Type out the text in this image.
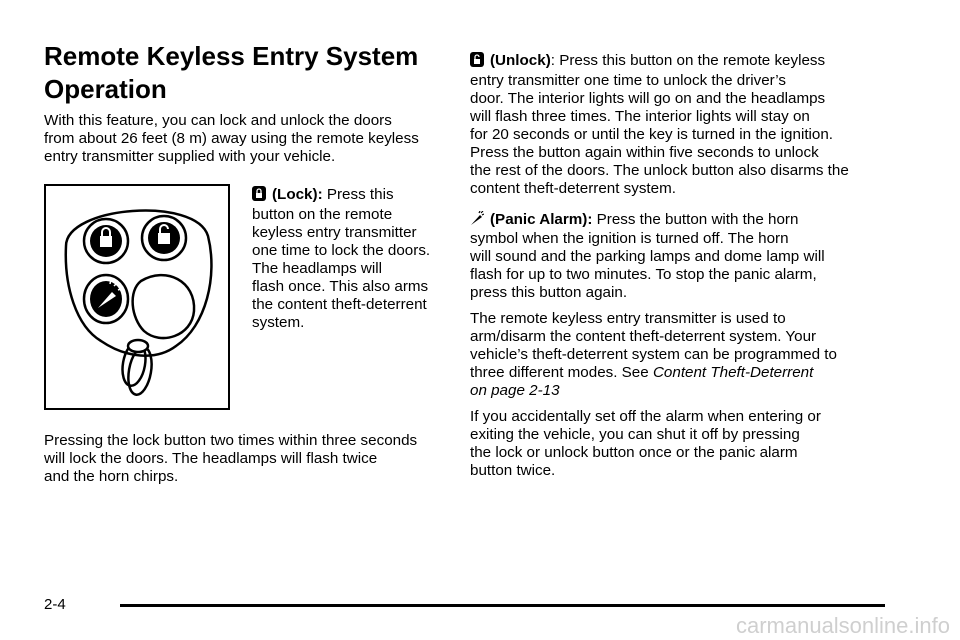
Remote Keyless Entry System
Operation

With this feature, you can lock and unlock the doors

from about 26 feet (8 m) away using the remote keyless

entry transmitter supplied with your vehicle.

(Lock): Press this

button on the remote

keyless entry transmitter

one time to lock the doors.

The headlamps will

flash once. This also arms

the content theft-deterrent

system.

Pressing the lock button two times within three seconds

will lock the doors. The headlamps will flash twice

and the horn chirps.

(Unlock): Press this button on the remote keyless

entry transmitter one time to unlock the driver’s

door. The interior lights will go on and the headlamps

will flash three times. The interior lights will stay on

for 20 seconds or until the key is turned in the ignition.

Press the button again within five seconds to unlock

the rest of the doors. The unlock button also disarms the

content theft-deterrent system.

(Panic Alarm): Press the button with the horn

symbol when the ignition is turned off. The horn

will sound and the parking lamps and dome lamp will

flash for up to two minutes. To stop the panic alarm,

press this button again.

The remote keyless entry transmitter is used to

arm/disarm the content theft-deterrent system. Your

vehicle’s theft-deterrent system can be programmed to

three different modes. See Content Theft-Deterrent

on page 2-13

If you accidentally set off the alarm when entering or

exiting the vehicle, you can shut it off by pressing

the lock or unlock button once or the panic alarm

button twice.

2-4
carmanualsonline.info
